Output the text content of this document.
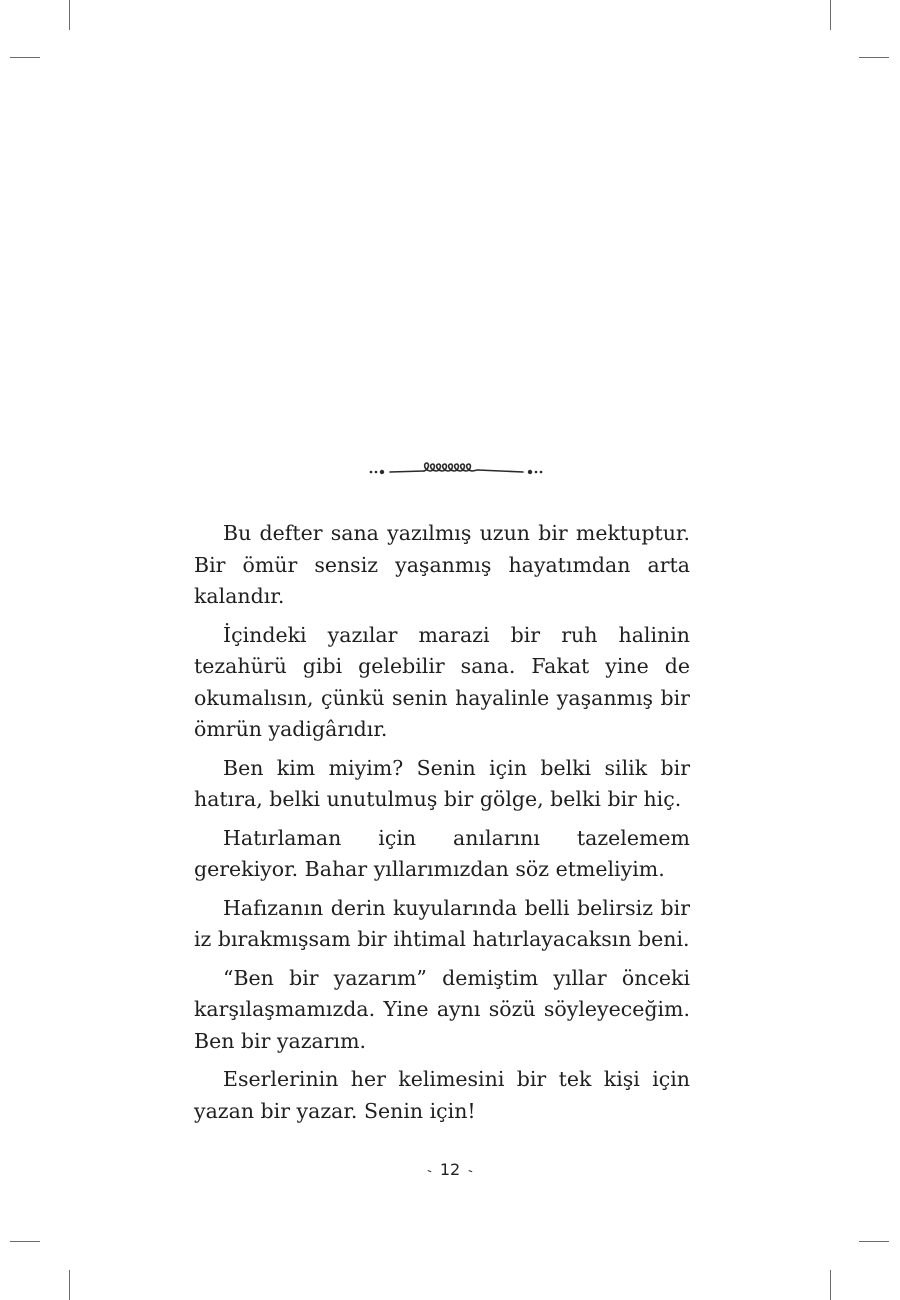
Bu defter sana yazılmış uzun bir mektuptur. Bir ömür sensiz yaşanmış hayatımdan arta kalandır.

İçindeki yazılar marazi bir ruh halinin tezahürü gibi gelebilir sana. Fakat yine de okumalısın, çünkü senin hayalinle yaşanmış bir ömrün yadigârıdır.

Ben kim miyim? Senin için belki silik bir hatıra, belki unutulmuş bir gölge, belki bir hiç.

Hatırlaman için anılarını tazelemem gerekiyor. Bahar yıllarımızdan söz etmeliyim.

Hafızanın derin kuyularında belli belirsiz bir iz bırakmışsam bir ihtimal hatırlayacaksın beni.

“Ben bir yazarım” demiştim yıllar önceki karşılaşmamızda. Yine aynı sözü söyleyeceğim. Ben bir yazarım.

Eserlerinin her kelimesini bir tek kişi için yazan bir yazar. Senin için!

- 12 -
